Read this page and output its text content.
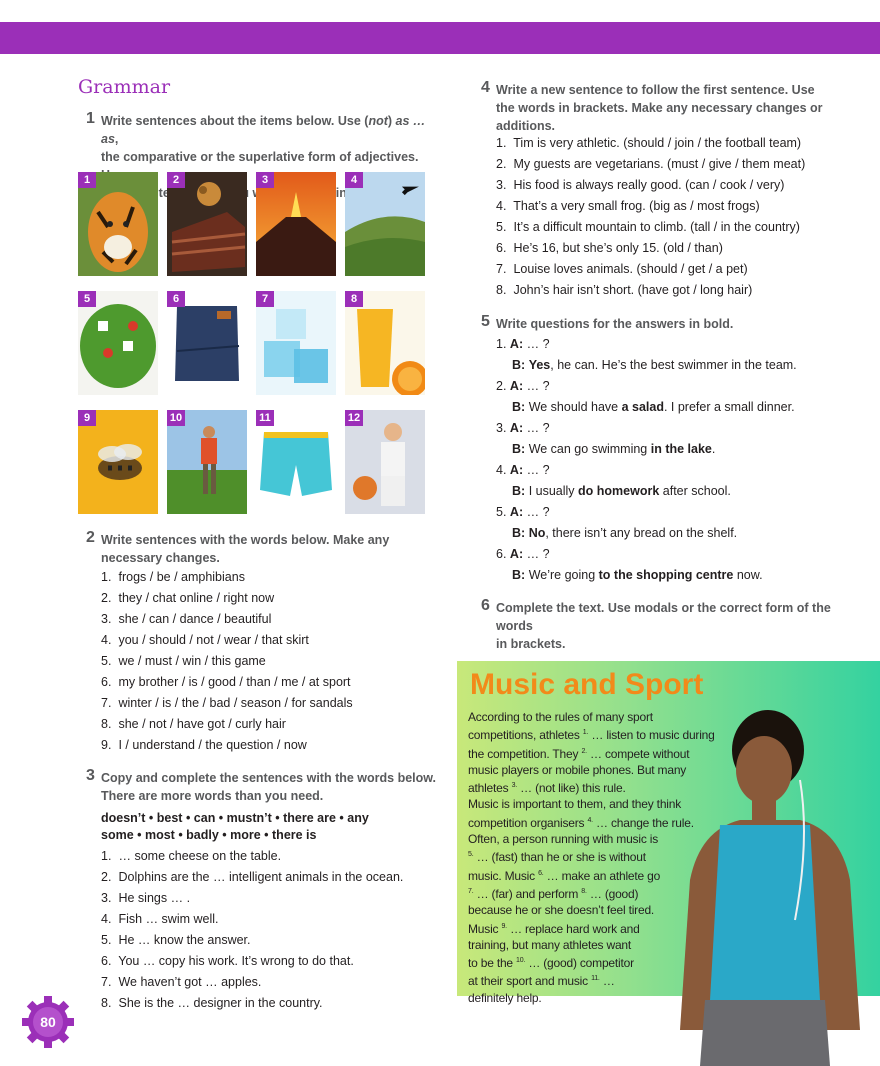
Grammar
1 Write sentences about the items below. Use (not) as … as,
the comparative or the superlative form of adjectives.
1	2	3	4
5	6	7	8
9	10	11	12
2 Write sentences with the words below. Make any
necessary changes.
1. frogs / be / amphibians
2. they / chat online / right now
3. she / can / dance / beautiful
4. you / should / not / wear / that skirt
5. we / must / win / this game
6. my brother / is / good / than / me / at sport
7. winter / is / the / bad / season / for sandals
8. she / not / have got / curly hair
9. I / understand / the question / now
3 Copy and complete the sentences with the words below.
There are more words than you need.
doesn’t • best • can • mustn’t • there are • any
some • most • badly • more • there is
1. … some cheese on the table.
2. Dolphins are the … intelligent animals in the ocean.
3. He sings … .
4. Fish … swim well.
5. He … know the answer.
6. You … copy his work. It’s wrong to do that.
7. We haven’t got … apples.
8. She is the … designer in the country.
4 Write a new sentence to follow the first sentence. Use
the words in brackets. Make any necessary changes or
additions.
1. Tim is very athletic. (should / join / the football team)
2. My guests are vegetarians. (must / give / them meat)
3. His food is always really good. (can / cook / very)
4. That’s a very small frog. (big as / most frogs)
5. It’s a difficult mountain to climb. (tall / in the country)
6. He’s 16, but she’s only 15. (old / than)
7. Louise loves animals. (should / get / a pet)
8. John’s hair isn’t short. (have got / long hair)
5 Write questions for the answers in bold.
1. A: … ?
B: Yes, he can. He’s the best swimmer in the team.
2. A: … ?
B: We should have a salad. I prefer a small dinner.
3. A: … ?
B: We can go swimming in the lake.
4. A: … ?
B: I usually do homework after school.
5. A: … ?
B: No, there isn’t any bread on the shelf.
6. A: … ?
B: We’re going to the shopping centre now.
6 Complete the text. Use modals or the correct form of the words
in brackets.
Music and Sport
According to the rules of many sport
competitions, athletes $^{1.}$ … listen to music during
the competition. They $^{2.}$ … compete without
music players or mobile phones. But many
athletes $^{3.}$ … (not like) this rule.
Music is important to them, and they think
competition organisers $^{4.}$ … change the rule.
Often, a person running with music is
$^{5.}$ … (fast) than he or she is without
music. Music $^{6.}$ … make an athlete go
$^{7.}$ … (far) and perform $^{8.}$ … (good)
because he or she doesn’t feel tired.
Music $^{9.}$ … replace hard work and
training, but many athletes want
to be the $^{10.}$ … (good) competitor
at their sport and music $^{11.}$ …
definitely help.
80
